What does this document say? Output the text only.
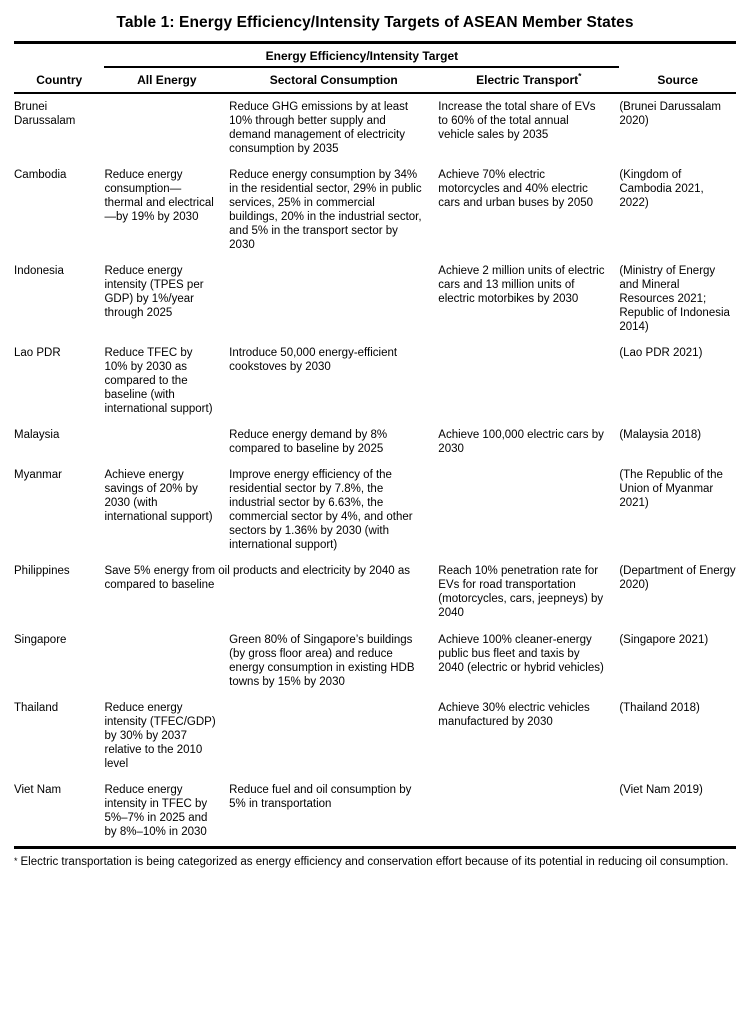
Table 1: Energy Efficiency/Intensity Targets of ASEAN Member States
	Energy Efficiency/Intensity Target			
Country	All Energy	Sectoral Consumption	Electric Transport*	Source
Brunei Darussalam		Reduce GHG emissions by at least 10% through better supply and demand management of electricity consumption by 2035	Increase the total share of EVs to 60% of the total annual vehicle sales by 2035	(Brunei Darussalam 2020)
Cambodia	Reduce energy consumption—thermal and electrical—by 19% by 2030	Reduce energy consumption by 34% in the residential sector, 29% in public services, 25% in commercial buildings, 20% in the industrial sector, and 5% in the transport sector by 2030	Achieve 70% electric motorcycles and 40% electric cars and urban buses by 2050	(Kingdom of Cambodia 2021, 2022)
Indonesia	Reduce energy intensity (TPES per GDP) by 1%/year through 2025		Achieve 2 million units of electric cars and 13 million units of electric motorbikes by 2030	(Ministry of Energy and Mineral Resources 2021; Republic of Indonesia 2014)
Lao PDR	Reduce TFEC by 10% by 2030 as compared to the baseline (with international support)	Introduce 50,000 energy-efficient cookstoves by 2030		(Lao PDR 2021)
Malaysia		Reduce energy demand by 8% compared to baseline by 2025	Achieve 100,000 electric cars by 2030	(Malaysia 2018)
Myanmar	Achieve energy savings of 20% by 2030 (with international support)	Improve energy efficiency of the residential sector by 7.8%, the industrial sector by 6.63%, the commercial sector by 4%, and other sectors by 1.36% by 2030 (with international support)		(The Republic of the Union of Myanmar 2021)
Philippines	Save 5% energy from oil products and electricity by 2040 as compared to baseline		Reach 10% penetration rate for EVs for road transportation (motorcycles, cars, jeepneys) by 2040	(Department of Energy 2020)
Singapore		Green 80% of Singapore’s buildings (by gross floor area) and reduce energy consumption in existing HDB towns by 15% by 2030	Achieve 100% cleaner-energy public bus fleet and taxis by 2040 (electric or hybrid vehicles)	(Singapore 2021)
Thailand	Reduce energy intensity (TFEC/GDP) by 30% by 2037 relative to the 2010 level		Achieve 30% electric vehicles manufactured by 2030	(Thailand 2018)
Viet Nam	Reduce energy intensity in TFEC by 5%–7% in 2025 and by 8%–10% in 2030	Reduce fuel and oil consumption by 5% in transportation		(Viet Nam 2019)
* Electric transportation is being categorized as energy efficiency and conservation effort because of its potential in reducing oil consumption.
